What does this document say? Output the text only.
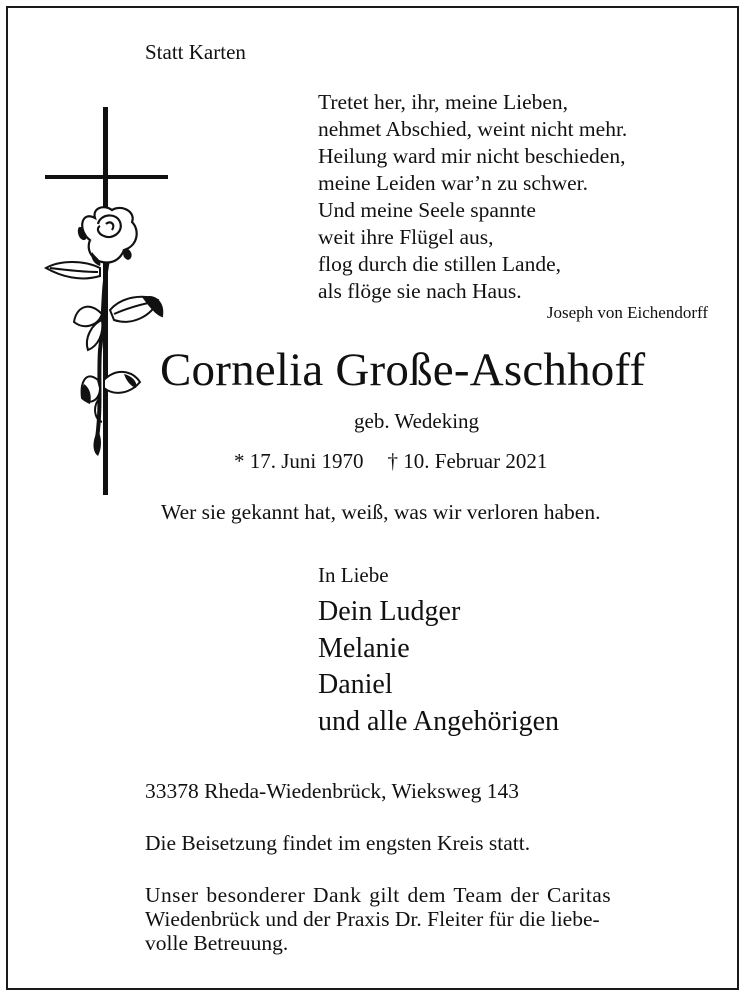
Statt Karten
Tretet her, ihr, meine Lieben,
nehmet Abschied, weint nicht mehr.
Heilung ward mir nicht beschieden,
meine Leiden war’n zu schwer.
Und meine Seele spannte
weit ihre Flügel aus,
flog durch die stillen Lande,
als flöge sie nach Haus.
Joseph von Eichendorff
Cornelia Große-Aschhoff
geb. Wedeking
* 17. Juni 1970 † 10. Februar 2021
Wer sie gekannt hat, weiß, was wir verloren haben.
In Liebe
Dein Ludger
Melanie
Daniel
und alle Angehörigen
33378 Rheda-Wiedenbrück, Wieksweg 143
Die Beisetzung findet im engsten Kreis statt.
Unser besonderer Dank gilt dem Team der Caritas
Wiedenbrück und der Praxis Dr. Fleiter für die liebe-
volle Betreuung.
